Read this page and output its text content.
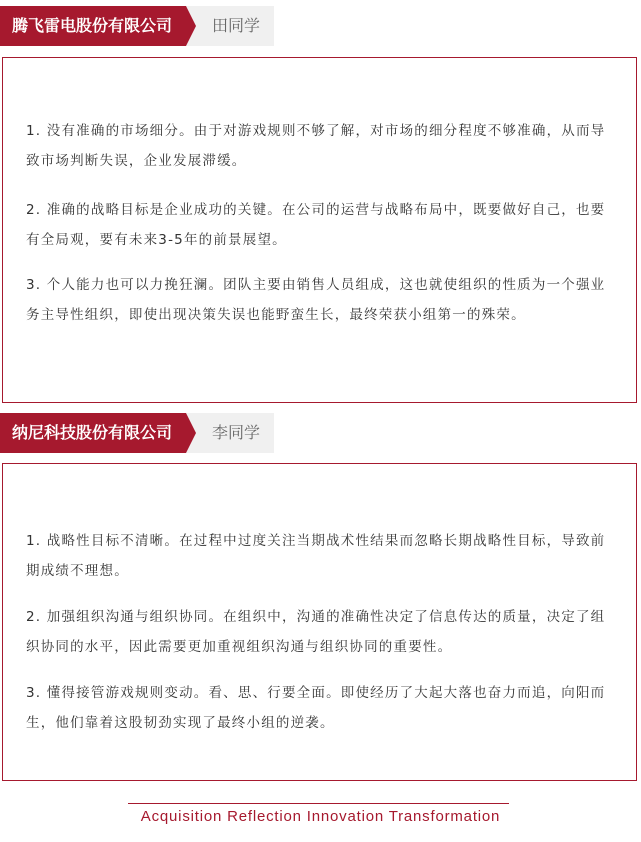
田同学
腾飞雷电股份有限公司

1. 没有准确的市场细分。由于对游戏规则不够了解，对市场的细分程度不够准确，从而导致市场判断失误，企业发展滞缓。

2. 准确的战略目标是企业成功的关键。在公司的运营与战略布局中，既要做好自己，也要有全局观，要有未来3-5年的前景展望。

3. 个人能力也可以力挽狂澜。团队主要由销售人员组成，这也就使组织的性质为一个强业务主导性组织，即使出现决策失误也能野蛮生长，最终荣获小组第一的殊荣。

李同学
纳尼科技股份有限公司

1. 战略性目标不清晰。在过程中过度关注当期战术性结果而忽略长期战略性目标，导致前期成绩不理想。

2. 加强组织沟通与组织协同。在组织中，沟通的准确性决定了信息传达的质量，决定了组织协同的水平，因此需要更加重视组织沟通与组织协同的重要性。

3. 懂得接管游戏规则变动。看、思、行要全面。即使经历了大起大落也奋力而追，向阳而生，他们靠着这股韧劲实现了最终小组的逆袭。

Acquisition Reflection Innovation Transformation
